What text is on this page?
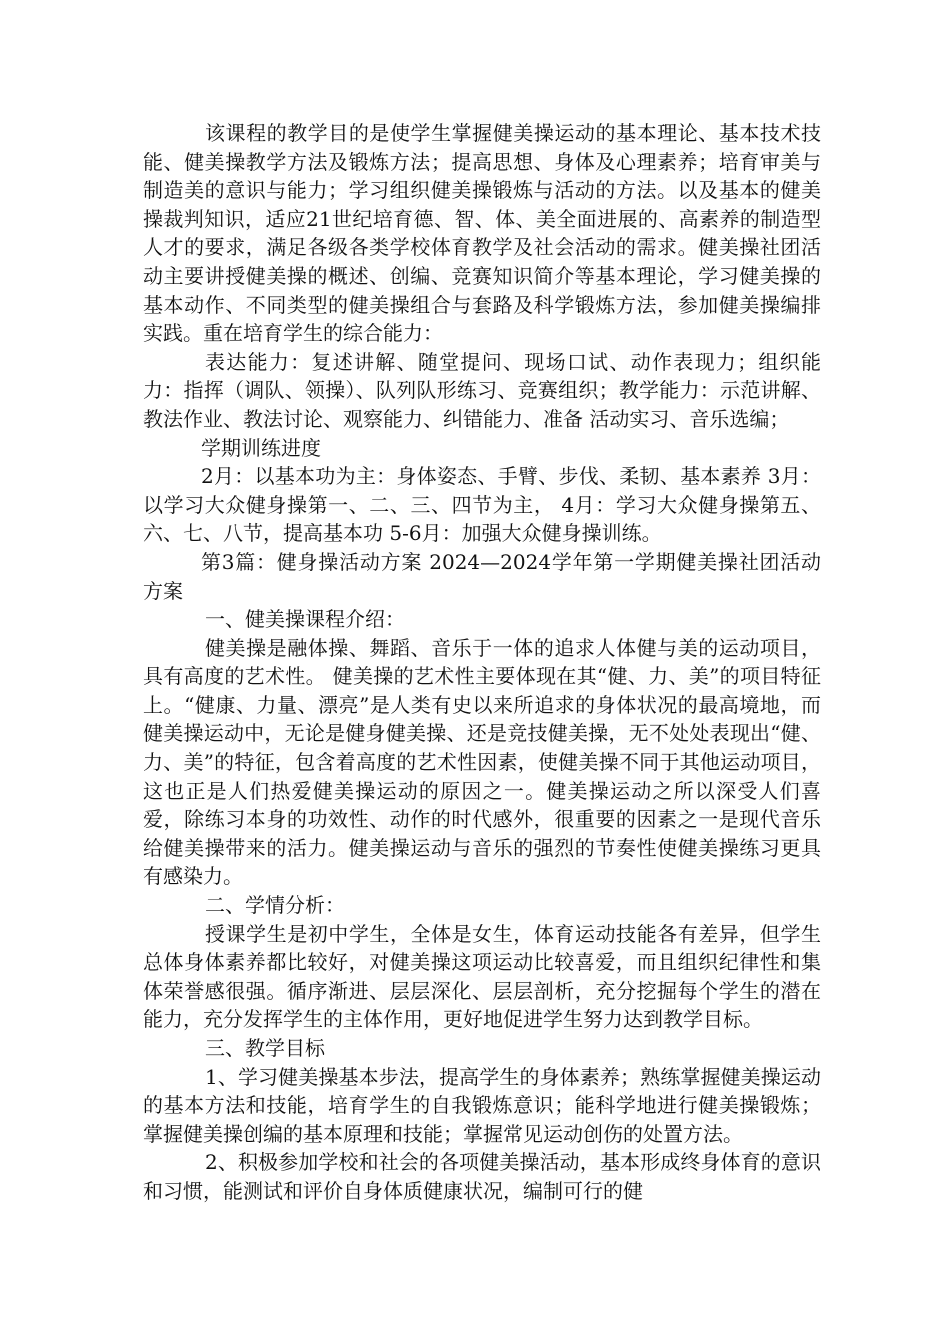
该课程的教学目的是使学生掌握健美操运动的基本理论、基本技术技能、健美操教学方法及锻炼方法；提高思想、身体及心理素养；培育审美与制造美的意识与能力；学习组织健美操锻炼与活动的方法。以及基本的健美操裁判知识，适应21世纪培育德、智、体、美全面进展的、高素养的制造型人才的要求，满足各级各类学校体育教学及社会活动的需求。健美操社团活动主要讲授健美操的概述、创编、竞赛知识简介等基本理论，学习健美操的基本动作、不同类型的健美操组合与套路及科学锻炼方法，参加健美操编排实践。重在培育学生的综合能力：

表达能力：复述讲解、随堂提问、现场口试、动作表现力；组织能力：指挥（调队、领操）、队列队形练习、竞赛组织；教学能力：示范讲解、教法作业、教法讨论、观察能力、纠错能力、准备 活动实习、音乐选编；

学期训练进度

2月：以基本功为主：身体姿态、手臂、步伐、柔韧、基本素养 3月：以学习大众健身操第一、二、三、四节为主， 4月：学习大众健身操第五、六、七、八节，提高基本功 5-6月：加强大众健身操训练。

第3篇：健身操活动方案 2024—2024学年第一学期健美操社团活动方案

一、健美操课程介绍：

健美操是融体操、舞蹈、音乐于一体的追求人体健与美的运动项目，具有高度的艺术性。 健美操的艺术性主要体现在其“健、力、美”的项目特征上。“健康、力量、漂亮”是人类有史以来所追求的身体状况的最高境地，而健美操运动中，无论是健身健美操、还是竞技健美操，无不处处表现出“健、力、美”的特征，包含着高度的艺术性因素，使健美操不同于其他运动项目，这也正是人们热爱健美操运动的原因之一。健美操运动之所以深受人们喜爱，除练习本身的功效性、动作的时代感外，很重要的因素之一是现代音乐给健美操带来的活力。健美操运动与音乐的强烈的节奏性使健美操练习更具有感染力。

二、学情分析：

授课学生是初中学生，全体是女生，体育运动技能各有差异，但学生总体身体素养都比较好，对健美操这项运动比较喜爱，而且组织纪律性和集体荣誉感很强。循序渐进、层层深化、层层剖析，充分挖掘每个学生的潜在能力，充分发挥学生的主体作用，更好地促进学生努力达到教学目标。

三、教学目标

1、学习健美操基本步法，提高学生的身体素养；熟练掌握健美操运动的基本方法和技能，培育学生的自我锻炼意识；能科学地进行健美操锻炼；掌握健美操创编的基本原理和技能；掌握常见运动创伤的处置方法。

2、积极参加学校和社会的各项健美操活动，基本形成终身体育的意识和习惯，能测试和评价自身体质健康状况，编制可行的健
